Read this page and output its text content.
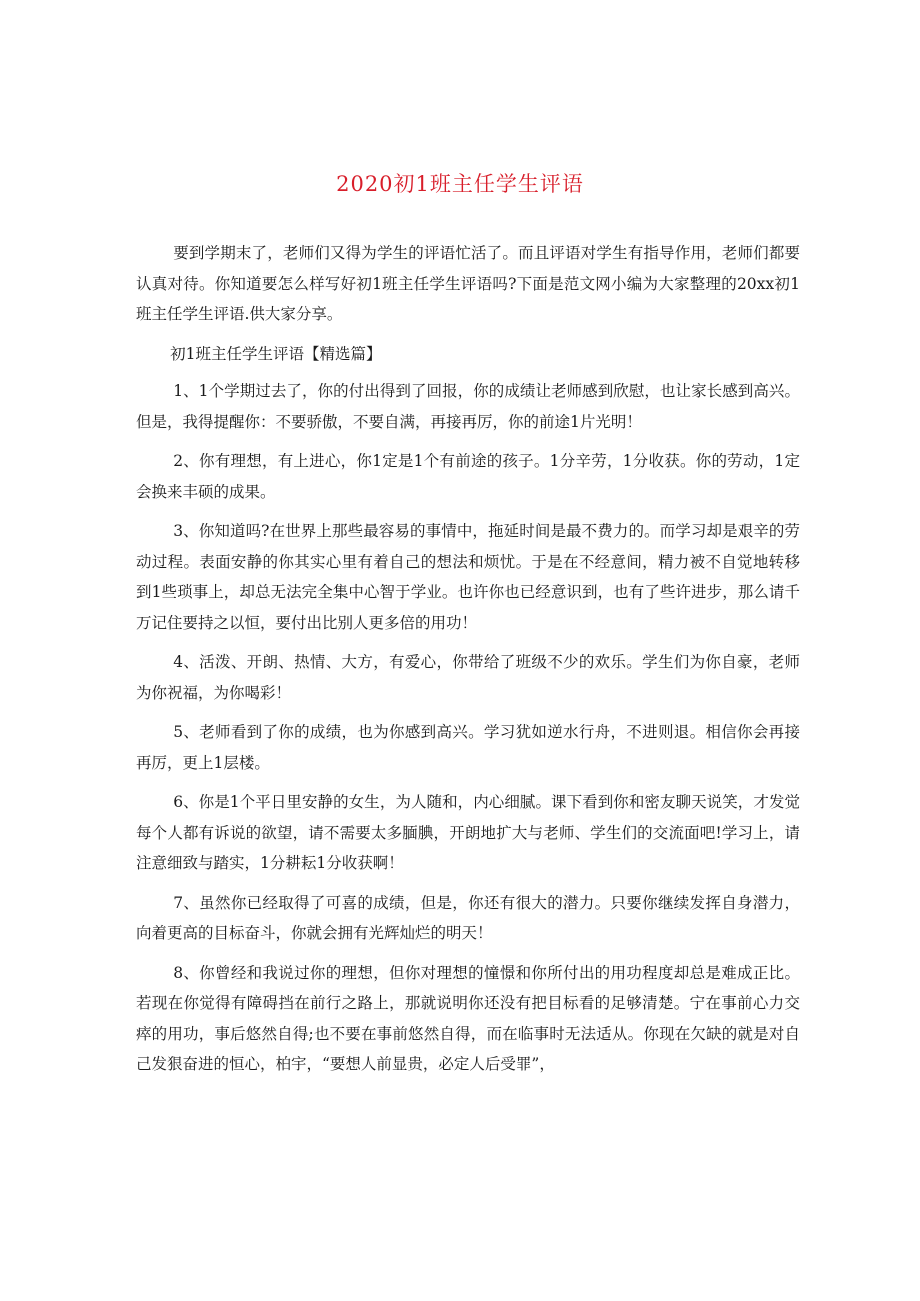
2020初1班主任学生评语

要到学期末了，老师们又得为学生的评语忙活了。而且评语对学生有指导作用，老师们都要认真对待。你知道要怎么样写好初1班主任学生评语吗?下面是范文网小编为大家整理的20xx初1班主任学生评语.供大家分享。

初1班主任学生评语【精选篇】

1、1个学期过去了，你的付出得到了回报，你的成绩让老师感到欣慰，也让家长感到高兴。但是，我得提醒你：不要骄傲，不要自满，再接再厉，你的前途1片光明！

2、你有理想，有上进心，你1定是1个有前途的孩子。1分辛劳，1分收获。你的劳动，1定会换来丰硕的成果。

3、你知道吗?在世界上那些最容易的事情中，拖延时间是最不费力的。而学习却是艰辛的劳动过程。表面安静的你其实心里有着自己的想法和烦忧。于是在不经意间，精力被不自觉地转移到1些琐事上，却总无法完全集中心智于学业。也许你也已经意识到，也有了些许进步，那么请千万记住要持之以恒，要付出比别人更多倍的用功！

4、活泼、开朗、热情、大方，有爱心，你带给了班级不少的欢乐。学生们为你自豪，老师为你祝福，为你喝彩！

5、老师看到了你的成绩，也为你感到高兴。学习犹如逆水行舟，不进则退。相信你会再接再厉，更上1层楼。

6、你是1个平日里安静的女生，为人随和，内心细腻。课下看到你和密友聊天说笑，才发觉每个人都有诉说的欲望，请不需要太多腼腆，开朗地扩大与老师、学生们的交流面吧!学习上，请注意细致与踏实，1分耕耘1分收获啊！

7、虽然你已经取得了可喜的成绩，但是，你还有很大的潜力。只要你继续发挥自身潜力，向着更高的目标奋斗，你就会拥有光辉灿烂的明天！

8、你曾经和我说过你的理想，但你对理想的憧憬和你所付出的用功程度却总是难成正比。若现在你觉得有障碍挡在前行之路上，那就说明你还没有把目标看的足够清楚。宁在事前心力交瘁的用功，事后悠然自得;也不要在事前悠然自得，而在临事时无法适从。你现在欠缺的就是对自己发狠奋进的恒心，柏宇，“要想人前显贵，必定人后受罪”，
